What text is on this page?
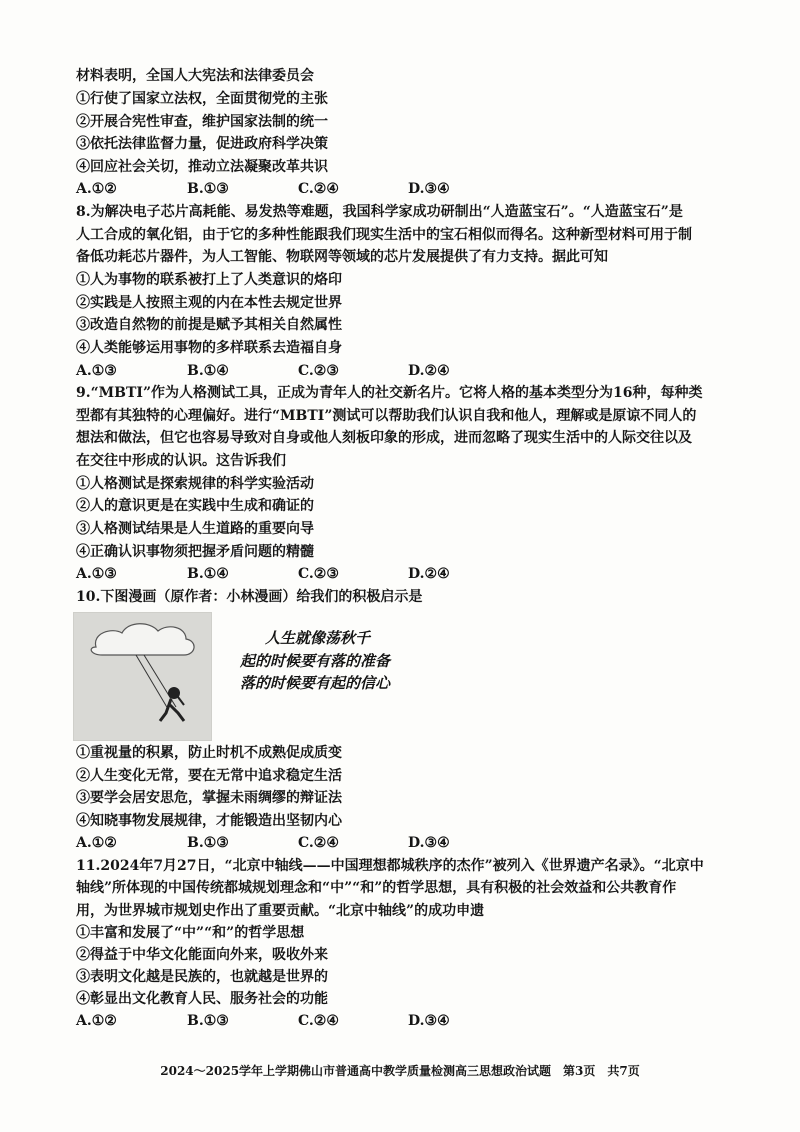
材料表明，全国人大宪法和法律委员会
①行使了国家立法权，全面贯彻党的主张
②开展合宪性审查，维护国家法制的统一
③依托法律监督力量，促进政府科学决策
④回应社会关切，推动立法凝聚改革共识
A.①②	B.①③	C.②④	D.③④
8.为解决电子芯片高耗能、易发热等难题，我国科学家成功研制出“人造蓝宝石”。“人造蓝宝石”是
人工合成的氧化铝，由于它的多种性能跟我们现实生活中的宝石相似而得名。这种新型材料可用于制
备低功耗芯片器件，为人工智能、物联网等领域的芯片发展提供了有力支持。据此可知
①人为事物的联系被打上了人类意识的烙印
②实践是人按照主观的内在本性去规定世界
③改造自然物的前提是赋予其相关自然属性
④人类能够运用事物的多样联系去造福自身
A.①③	B.①④	C.②③	D.②④
9.“MBTI”作为人格测试工具，正成为青年人的社交新名片。它将人格的基本类型分为16种，每种类
型都有其独特的心理偏好。进行“MBTI”测试可以帮助我们认识自我和他人，理解或是原谅不同人的
想法和做法，但它也容易导致对自身或他人刻板印象的形成，进而忽略了现实生活中的人际交往以及
在交往中形成的认识。这告诉我们
①人格测试是探索规律的科学实验活动
②人的意识更是在实践中生成和确证的
③人格测试结果是人生道路的重要向导
④正确认识事物须把握矛盾问题的精髓
A.①③	B.①④	C.②③	D.②④
10.下图漫画（原作者：小林漫画）给我们的积极启示是
人生就像荡秋千
起的时候要有落的准备
落的时候要有起的信心
①重视量的积累，防止时机不成熟促成质变
②人生变化无常，要在无常中追求稳定生活
③要学会居安思危，掌握未雨绸缪的辩证法
④知晓事物发展规律，才能锻造出坚韧内心
A.①②	B.①③	C.②④	D.③④
11.2024年7月27日，“北京中轴线——中国理想都城秩序的杰作”被列入《世界遗产名录》。“北京中
轴线”所体现的中国传统都城规划理念和“中”“和”的哲学思想，具有积极的社会效益和公共教育作
用，为世界城市规划史作出了重要贡献。“北京中轴线”的成功申遗
①丰富和发展了“中”“和”的哲学思想
②得益于中华文化能面向外来，吸收外来
③表明文化越是民族的，也就越是世界的
④彰显出文化教育人民、服务社会的功能
A.①②	B.①③	C.②④	D.③④
2024～2025学年上学期佛山市普通高中教学质量检测高三思想政治试题　第3页　共7页
